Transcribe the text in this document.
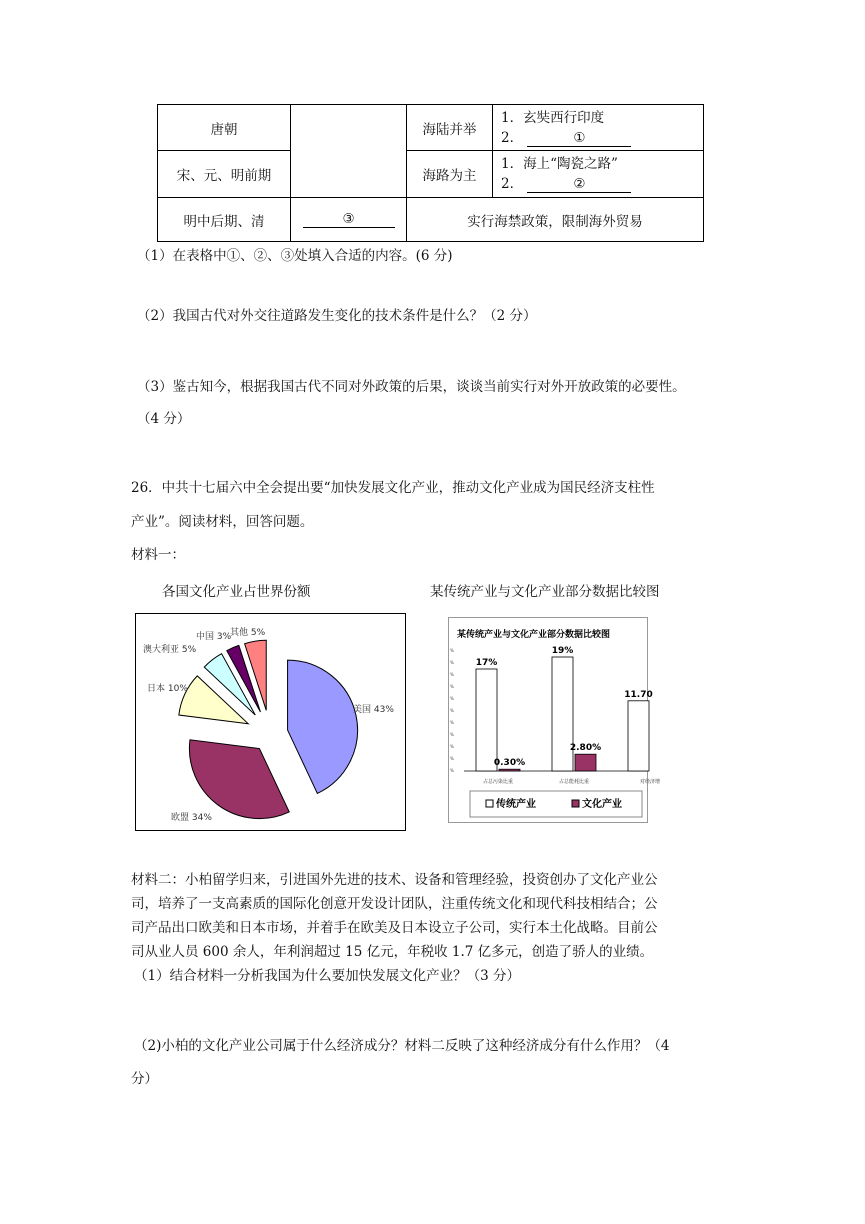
唐朝		海陆并举	1．玄奘西行印度
2． ①

宋、元、明前期		海路为主	1．海上“陶瓷之路”
2． ②

明中后期、清	③	实行海禁政策，限制海外贸易	
（1）在表格中①、②、③处填入合适的内容。(6 分)
（2）我国古代对外交往道路发生变化的技术条件是什么？（2 分）
（3）鉴古知今，根据我国古代不同对外政策的后果，谈谈当前实行对外开放政策的必要性。
（4 分）
26．中共十七届六中全会提出要“加快发展文化产业，推动文化产业成为国民经济支柱性
产业”。阅读材料，回答问题。
材料一：
各国文化产业占世界份额	某传统产业与文化产业部分数据比较图
美国 43%
欧盟 34%
日本 10%
澳大利亚 5%
中国 3%
其他 5%	某传统产业与文化产业部分数据比较图
17%
0.30%
占总污染比重
19%
2.80%
占总能耗比重
11.70
对经济增
%
%
%
%
%
%
%
%
%
%
%
传统产业	文化产业
材料二：小柏留学归来，引进国外先进的技术、设备和管理经验，投资创办了文化产业公
司，培养了一支高素质的国际化创意开发设计团队，注重传统文化和现代科技相结合；公
司产品出口欧美和日本市场，并着手在欧美及日本设立子公司，实行本土化战略。目前公
司从业人员 600 余人，年利润超过 15 亿元，年税收 1.7 亿多元，创造了骄人的业绩。
（1）结合材料一分析我国为什么要加快发展文化产业？（3 分）
（2)小柏的文化产业公司属于什么经济成分？材料二反映了这种经济成分有什么作用？（4
分）
